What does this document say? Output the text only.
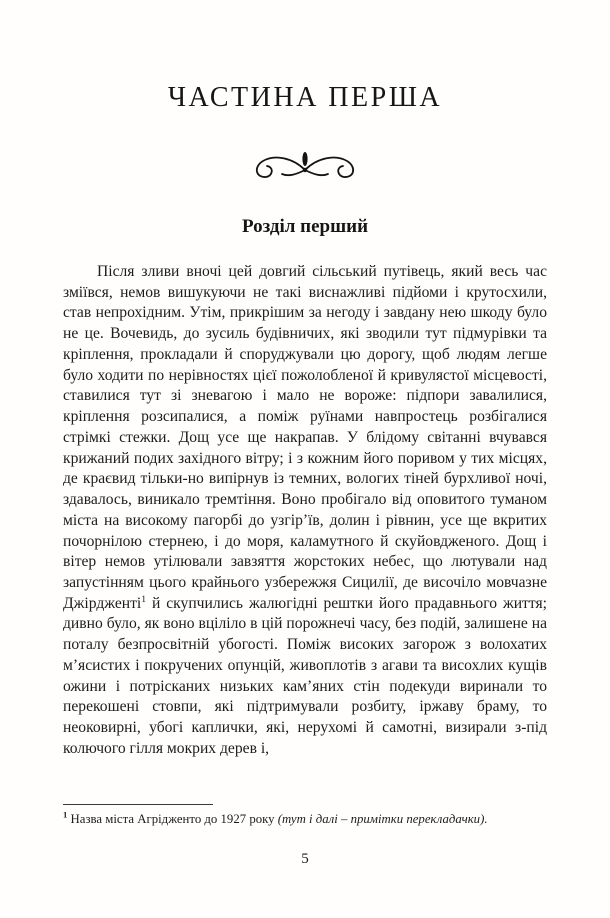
ЧАСТИНА ПЕРША
Розділ перший

Після зливи вночі цей довгий сільський путівець, який весь час зміївся, немов вишукуючи не такі виснажливі підйоми і крутосхили, став непрохідним. Утім, прикрішим за негоду і завдану нею шкоду було не це. Вочевидь, до зусиль будівничих, які зводили тут підмурівки та кріплення, прокладали й споруджували цю дорогу, щоб людям легше було ходити по нерівностях цієї пожолобленої й кривулястої місцевості, ставилися тут зі зневагою і мало не вороже: підпори завалилися, кріплення розсипалися, а поміж руїнами навпростець розбігалися стрімкі стежки. Дощ усе ще накрапав. У блідому світанні вчувався крижаний подих західного вітру; і з кожним його поривом у тих місцях, де краєвид тільки-но випірнув із темних, вологих тіней бурхливої ночі, здавалось, виникало тремтіння. Воно пробігало від оповитого туманом міста на високому пагорбі до узгір’їв, долин і рівнин, усе ще вкритих почорнілою стернею, і до моря, каламутного й скуйовдженого. Дощ і вітер немов утілювали завзяття жорстоких небес, що лютували над запустінням цього крайнього узбережжя Сицилії, де височіло мовчазне Джірдженті$^1$ й скупчились жалюгідні рештки його прадавнього життя; дивно було, як воно вціліло в цій порожнечі часу, без подій, залишене на поталу безпросвітній убогості. Поміж високих загорож з волохатих м’ясистих і покручених опунцій, живоплотів з агави та висохлих кущів ожини і потрісканих низьких кам’яних стін подекуди виринали то перекошені стовпи, які підтримували розбиту, іржаву браму, то неоковирні, убогі каплички, які, нерухомі й самотні, визирали з-під колючого гілля мокрих дерев і,

$^1$ Назва міста Агрідженто до 1927 року (тут і далі – примітки перекладачки).

5
